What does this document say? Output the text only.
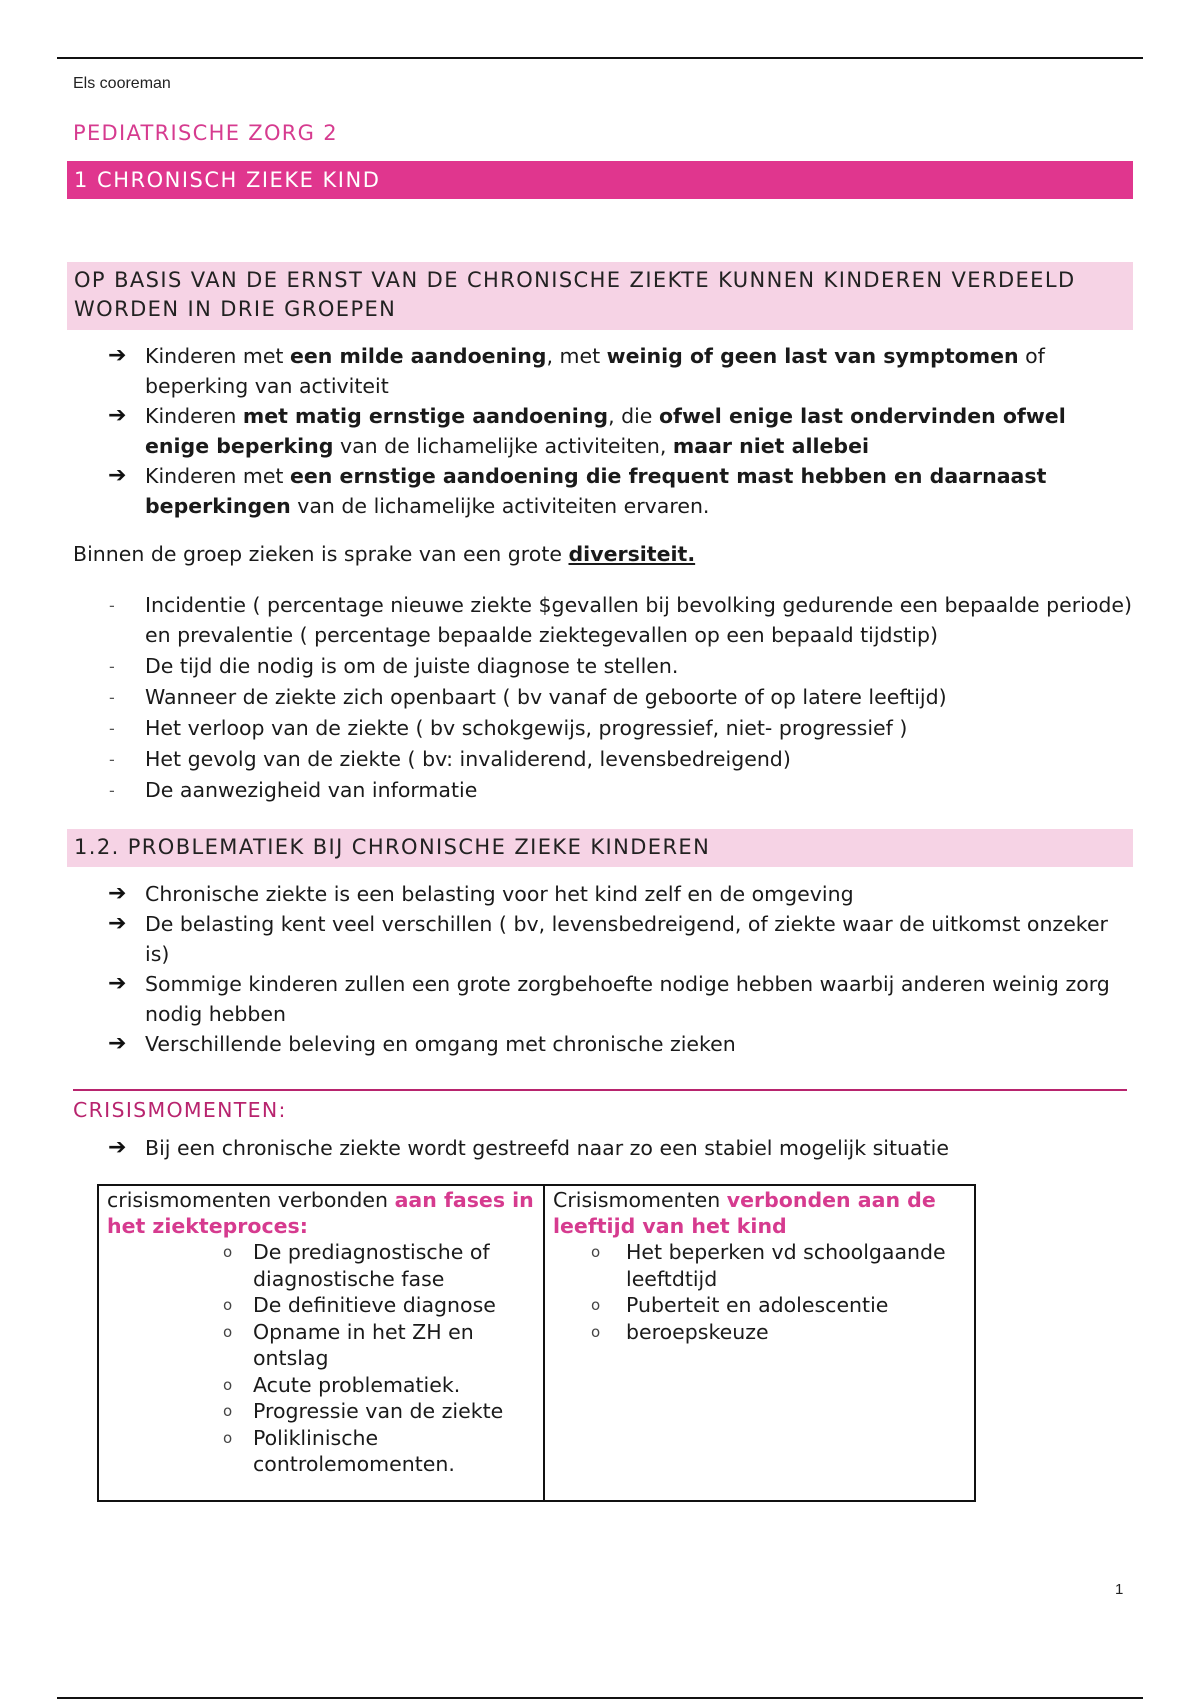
Els cooreman
PEDIATRISCHE ZORG 2
1 CHRONISCH ZIEKE KIND
OP BASIS VAN DE ERNST VAN DE CHRONISCHE ZIEKTE KUNNEN KINDEREN VERDEELD WORDEN IN DRIE GROEPEN
➔ Kinderen met een milde aandoening, met weinig of geen last van symptomen of beperking van activiteit
➔ Kinderen met matig ernstige aandoening, die ofwel enige last ondervinden ofwel enige beperking van de lichamelijke activiteiten, maar niet allebei
➔ Kinderen met een ernstige aandoening die frequent mast hebben en daarnaast beperkingen van de lichamelijke activiteiten ervaren.
Binnen de groep zieken is sprake van een grote diversiteit.
- Incidentie ( percentage nieuwe ziekte $gevallen bij bevolking gedurende een bepaalde periode) en prevalentie ( percentage bepaalde ziektegevallen op een bepaald tijdstip)
- De tijd die nodig is om de juiste diagnose te stellen.
- Wanneer de ziekte zich openbaart ( bv vanaf de geboorte of op latere leeftijd)
- Het verloop van de ziekte ( bv schokgewijs, progressief, niet- progressief )
- Het gevolg van de ziekte ( bv: invaliderend, levensbedreigend)
- De aanwezigheid van informatie
1.2. PROBLEMATIEK BIJ CHRONISCHE ZIEKE KINDEREN
➔ Chronische ziekte is een belasting voor het kind zelf en de omgeving
➔ De belasting kent veel verschillen ( bv, levensbedreigend, of ziekte waar de uitkomst onzeker is)
➔ Sommige kinderen zullen een grote zorgbehoefte nodige hebben waarbij anderen weinig zorg nodig hebben
➔ Verschillende beleving en omgang met chronische zieken
CRISISMOMENTEN:
➔ Bij een chronische ziekte wordt gestreefd naar zo een stabiel mogelijk situatie
crisismomenten verbonden aan fases in het ziekteproces:
o De prediagnostische of diagnostische fase
o De definitieve diagnose
o Opname in het ZH en ontslag
o Acute problematiek.
o Progressie van de ziekte
o Poliklinische controlemomenten.
Crisismomenten verbonden aan de leeftijd van het kind
o Het beperken vd schoolgaande leeftdtijd
o Puberteit en adolescentie
o beroepskeuze
1
